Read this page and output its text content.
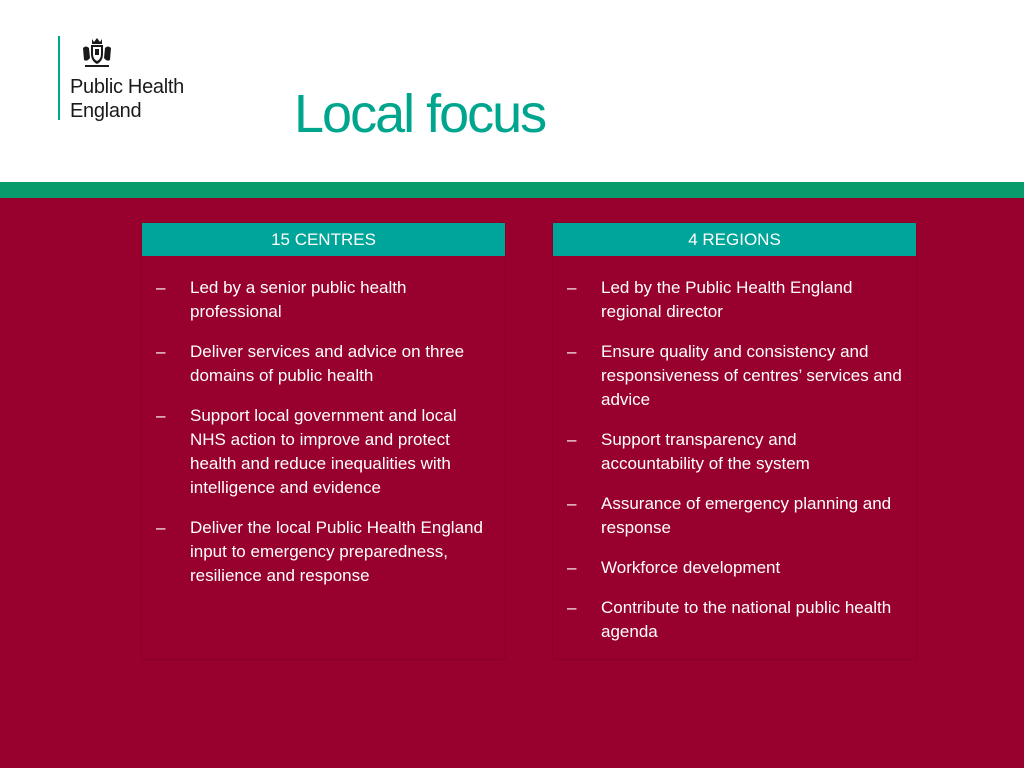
Public Health
England	Local focus
15 CENTRES
– Led by a senior public health professional
– Deliver services and advice on three domains of public health
– Support local government and local NHS action to improve and protect health and reduce inequalities with intelligence and evidence
– Deliver the local Public Health England input to emergency preparedness, resilience and response
4 REGIONS
– Led by the Public Health England regional director
– Ensure quality and consistency and responsiveness of centres’ services and advice
– Support transparency and accountability of the system
– Assurance of emergency planning and response
– Workforce development
– Contribute to the national public health agenda
